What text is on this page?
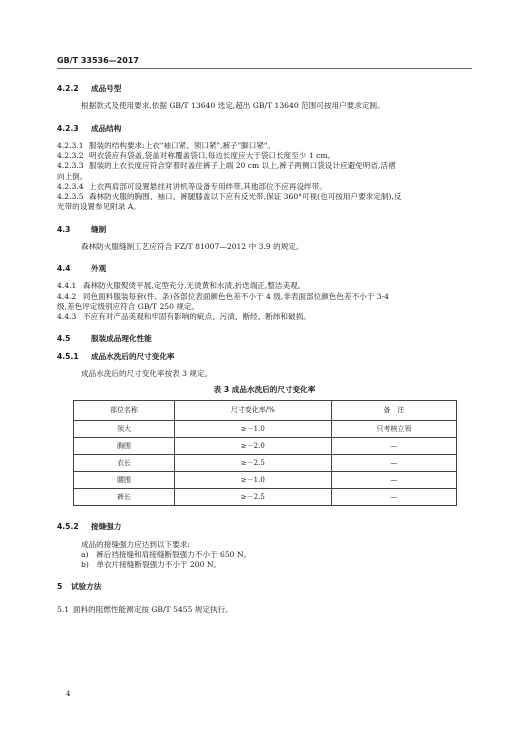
GB/T 33536—2017
4.2.2	成品号型

根据款式及使用要求,依据 GB/T 13640 选定,超出 GB/T 13640 范围可按用户要求定制。

4.2.3	成品结构
4.2.3.1 服装的结构要求:上衣"袖口紧、领口紧",裤子"脚口紧"。
4.2.3.2 明衣袋应有袋盖,袋盖对称覆盖袋口,每边长度应大于袋口长度至少 1 cm。
4.2.3.3 服装的上衣长度应符合穿着时盖住裤子上端 20 cm 以上,裤子两侧口袋设计应避免明省,活褶

向上倒。

4.2.3.4 上衣两肩部可设置悬挂对讲机等设备专用绊带,其他部位不应再设绊带。
4.2.3.5 森林防火服的胸围、袖口、裤腿膝盖以下应有反光带,保证 360°可视(也可按用户要求定制),反

光带的设置参见附录 A。

4.3	缝制

森林防火服缝制工艺应符合 FZ/T 81007—2012 中 3.9 的规定。

4.4	外观
4.4.1 森林防火服熨烫平展,定型充分,无烫黄和水渍,折迭端正,整洁美观。
4.4.2 同色面料服装每套(件、条)各部位表面颜色色差不小于 4 级,非表面部位颜色色差不小于 3-4

级,差色评定级别应符合 GB/T 250 规定。

4.4.3 不应有对产品美观和牢固有影响的疵点、污渍、断经、断纬和破损。
4.5	服装成品理化性能
4.5.1	成品水洗后的尺寸变化率

成品水洗后的尺寸变化率按表 3 规定。

表 3 成品水洗后的尺寸变化率
部位名称	尺寸变化率/%	备　注
领大	≥－1.0	只考核立领
胸围	≥－2.0	—
衣长	≥－2.5	—
腰围	≥－1.0	—
裤长	≥－2.5	—
4.5.2	接缝强力

成品的接缝强力应达到以下要求:

a)　裤后裆接缝和肩接缝断裂强力不小于 650 N。

b)　单衣片接缝断裂强力不小于 200 N。

5	试验方法
5.1 面料的阻燃性能测定按 GB/T 5455 规定执行。
4
